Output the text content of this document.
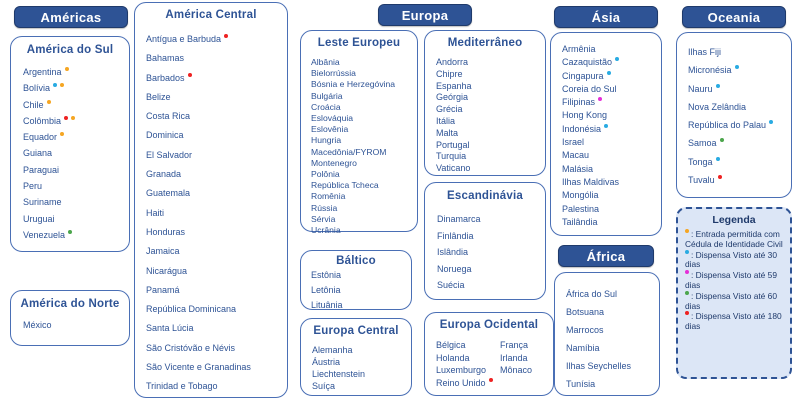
Américas
América do Sul
Argentina
Bolívia
Chile
Colômbia
Equador
Guiana
Paraguai
Peru
Suriname
Uruguai
Venezuela
América do Norte
México
América Central
Antígua e Barbuda
Bahamas
Barbados
Belize
Costa Rica
Dominica
El Salvador
Granada
Guatemala
Haiti
Honduras
Jamaica
Nicarágua
Panamá
República Dominicana
Santa Lúcia
São Cristóvão e Névis
São Vicente e Granadinas
Trinidad e Tobago
Europa
Leste Europeu
Albânia
Bielorrússia
Bósnia e Herzegóvina
Bulgária
Croácia
Eslováquia
Eslovênia
Hungria
Macedônia/FYROM
Montenegro
Polônia
República Tcheca
Romênia
Rússia
Sérvia
Ucrânia
Báltico
Estônia
Letônia
Lituânia
Europa Central
Alemanha
Áustria
Liechtenstein
Suíça
Mediterrâneo
Andorra
Chipre
Espanha
Geórgia
Grécia
Itália
Malta
Portugal
Turquia
Vaticano
Escandinávia
Dinamarca
Finlândia
Islândia
Noruega
Suécia
Europa Ocidental
Bélgica
Holanda
Luxemburgo
Reino Unido
França
Irlanda
Mônaco
Ásia
Armênia
Cazaquistão
Cingapura
Coreia do Sul
Filipinas
Hong Kong
Indonésia
Israel
Macau
Malásia
Ilhas Maldivas
Mongólia
Palestina
Tailândia
África
África do Sul
Botsuana
Marrocos
Namíbia
Ilhas Seychelles
Tunísia
Oceania
Ilhas Fiji
Micronésia
Nauru
Nova Zelândia
República do Palau
Samoa
Tonga
Tuvalu
Legenda
: Entrada permitida com Cédula de Identidade Civil
: Dispensa Visto até 30 dias
: Dispensa Visto até 59 dias
: Dispensa Visto até 60 dias
: Dispensa Visto até 180 dias
